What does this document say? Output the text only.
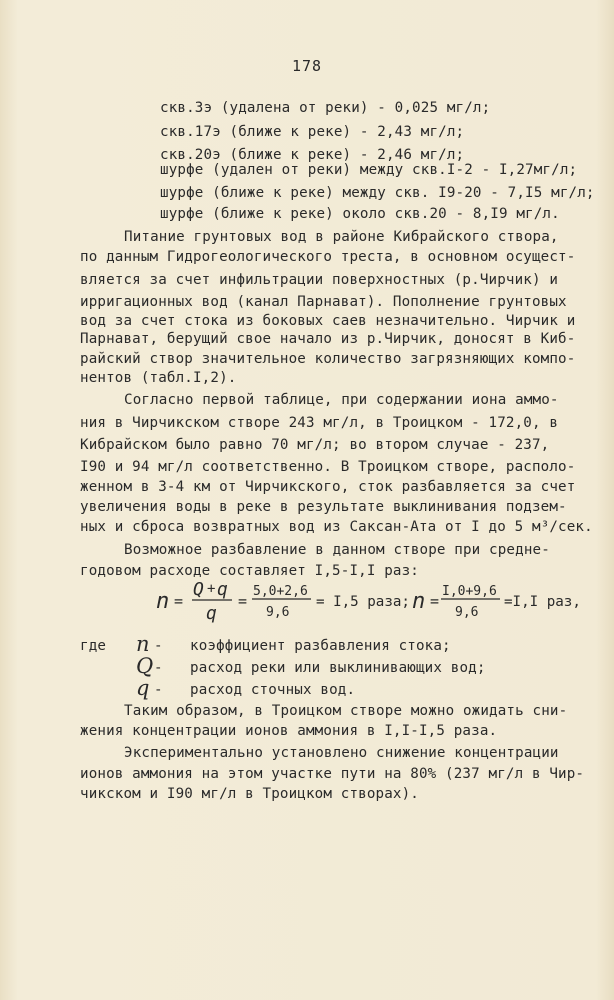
178
скв.3э (удалена от реки) - 0,025 мг/л;
скв.17э (ближе к реке) - 2,43 мг/л;
скв.20э (ближе к реке) - 2,46 мг/л;
шурфе (удален от реки) между скв.I-2 - I,27мг/л;
шурфе (ближе к реке) между скв. I9-20 - 7,I5 мг/л;
шурфе (ближе к реке) около скв.20 - 8,I9 мг/л.
Питание грунтовых вод в районе Кибрайского створа,
по данным Гидрогеологического треста, в основном осущест-
вляется за счет инфильтрации поверхностных (р.Чирчик) и
ирригационных вод (канал Парнават). Пополнение грунтовых
вод за счет стока из боковых саев незначительно. Чирчик и
Парнават, берущий свое начало из р.Чирчик, доносят в Киб-
райский створ значительное количество загрязняющих компо-
нентов (табл.I,2).
Согласно первой таблице, при содержании иона аммо-
ния в Чирчикском створе 243 мг/л, в Троицком - 172,0, в
Кибрайском было равно 70 мг/л; во втором случае - 237,
I90 и 94 мг/л соответственно. В Троицком створе, располо-
женном в 3-4 км от Чирчикского, сток разбавляется за счет
увеличения воды в реке в результате выклинивания подзем-
ных и сброса возвратных вод из Саксан-Ата от I до 5 м³/сек.
Возможное разбавление в данном створе при средне-
годовом расходе составляет I,5-I,I раз:
n =
Q + q
q
=
5,0+2,6
9,6
= I,5 раза; n =
I,0+9,6
9,6
=I,I раз,
где n - коэффициент разбавления стока;
Q - расход реки или выклинивающих вод;
q - расход сточных вод.
Таким образом, в Троицком створе можно ожидать сни-
жения концентрации ионов аммония в I,I-I,5 раза.
Экспериментально установлено снижение концентрации
ионов аммония на этом участке пути на 80% (237 мг/л в Чир-
чикском и I90 мг/л в Троицком створах).
